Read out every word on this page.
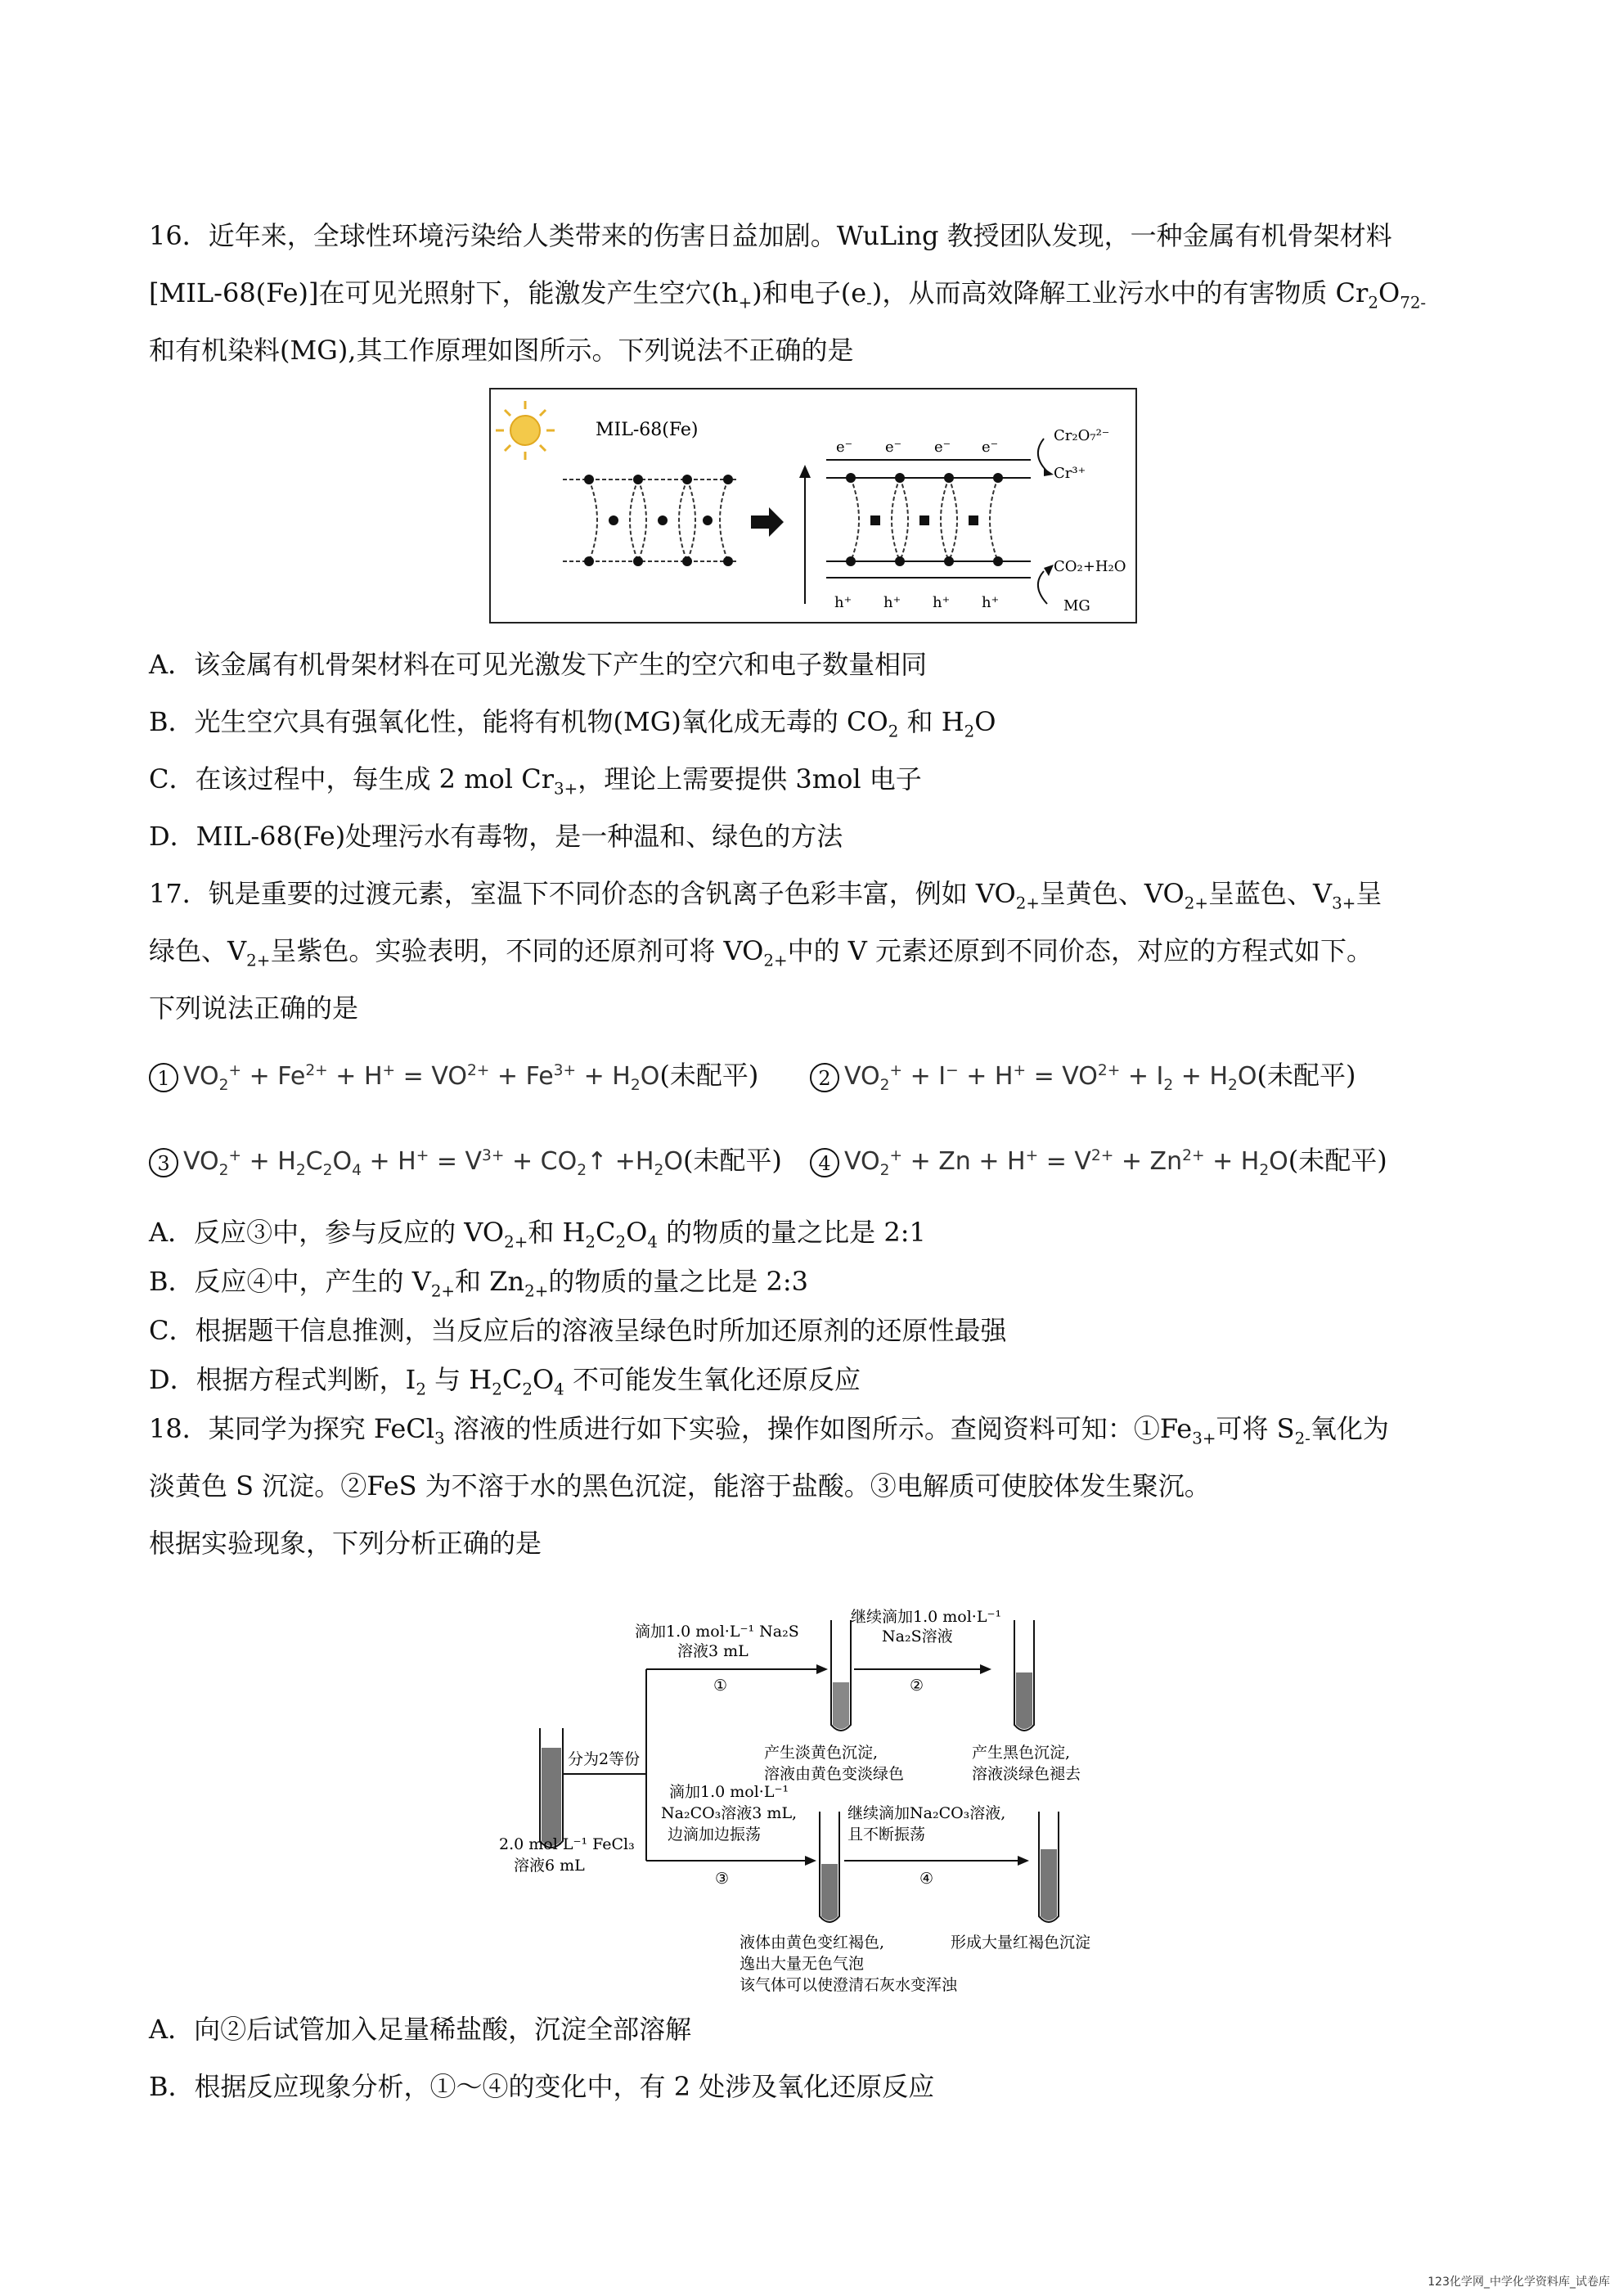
16．近年来，全球性环境污染给人类带来的伤害日益加剧。WuLing 教授团队发现，一种金属有机骨架材料
[MIL-68(Fe)]在可见光照射下，能激发产生空穴$(h_+)$和电子$(e_-)$，从而高效降解工业污水中的有害物质 $Cr_2O_{72-}$
和有机染料(MG),其工作原理如图所示。下列说法不正确的是
MIL-68(Fe)
e⁻ e⁻ e⁻ e⁻
h⁺ h⁺ h⁺ h⁺
Cr₂O₇²⁻
Cr³⁺
CO₂+H₂O
MG
A．该金属有机骨架材料在可见光激发下产生的空穴和电子数量相同
B．光生空穴具有强氧化性，能将有机物(MG)氧化成无毒的 $CO_2$ 和 $H_2O$
C．在该过程中，每生成 2 mol $Cr_{3+}$，理论上需要提供 3mol 电子
D．MIL-68(Fe)处理污水有毒物，是一种温和、绿色的方法
17．钒是重要的过渡元素，室温下不同价态的含钒离子色彩丰富，例如 $VO_{2+}$呈黄色、$VO_{2+}$呈蓝色、$V_{3+}$呈
绿色、$V_{2+}$呈紫色。实验表明，不同的还原剂可将 $VO_{2+}$中的 V 元素还原到不同价态，对应的方程式如下。
下列说法正确的是
1 $VO_2^+ + Fe^{2+} + H^+ = VO^{2+} + Fe^{3+} + H_2O$(未配平)	2 $VO_2^+ + I^- + H^+ = VO^{2+} + I_2 + H_2O$(未配平)
3 $VO_2^+ + H_2C_2O_4 + H^+ = V^{3+}$ + $CO_2↑ +H_2O$(未配平)	4 $VO_2^+ + Zn + H^+ = V^{2+} + Zn^{2+} + H_2O$(未配平)
A．反应③中，参与反应的 $VO_{2+}$和 $H_2C_2O_4$ 的物质的量之比是 2:1
B．反应④中，产生的 $V_{2+}$和 $Zn_{2+}$的物质的量之比是 2:3
C．根据题干信息推测，当反应后的溶液呈绿色时所加还原剂的还原性最强
D．根据方程式判断，$I_2$ 与 $H_2C_2O_4$ 不可能发生氧化还原反应
18．某同学为探究 FeCl$_3$ 溶液的性质进行如下实验，操作如图所示。查阅资料可知：$①Fe_{3+}$可将 $S_{2-}$氧化为
淡黄色 S 沉淀。②FeS 为不溶于水的黑色沉淀，能溶于盐酸。③电解质可使胶体发生聚沉。
根据实验现象，下列分析正确的是
分为2等份
2.0 mol·L⁻¹ FeCl₃
溶液6 mL
滴加1.0 mol·L⁻¹ Na₂S
溶液3 mL
①
继续滴加1.0 mol·L⁻¹
Na₂S溶液
②
产生淡黄色沉淀,
溶液由黄色变淡绿色
产生黑色沉淀,
溶液淡绿色褪去
滴加1.0 mol·L⁻¹
Na₂CO₃溶液3 mL,
边滴加边振荡
③
继续滴加Na₂CO₃溶液,
且不断振荡
④
液体由黄色变红褐色,
逸出大量无色气泡
该气体可以使澄清石灰水变浑浊
形成大量红褐色沉淀
A．向②后试管加入足量稀盐酸，沉淀全部溶解
B．根据反应现象分析，①～④的变化中，有 2 处涉及氧化还原反应
123化学网_中学化学资料库_试卷库
